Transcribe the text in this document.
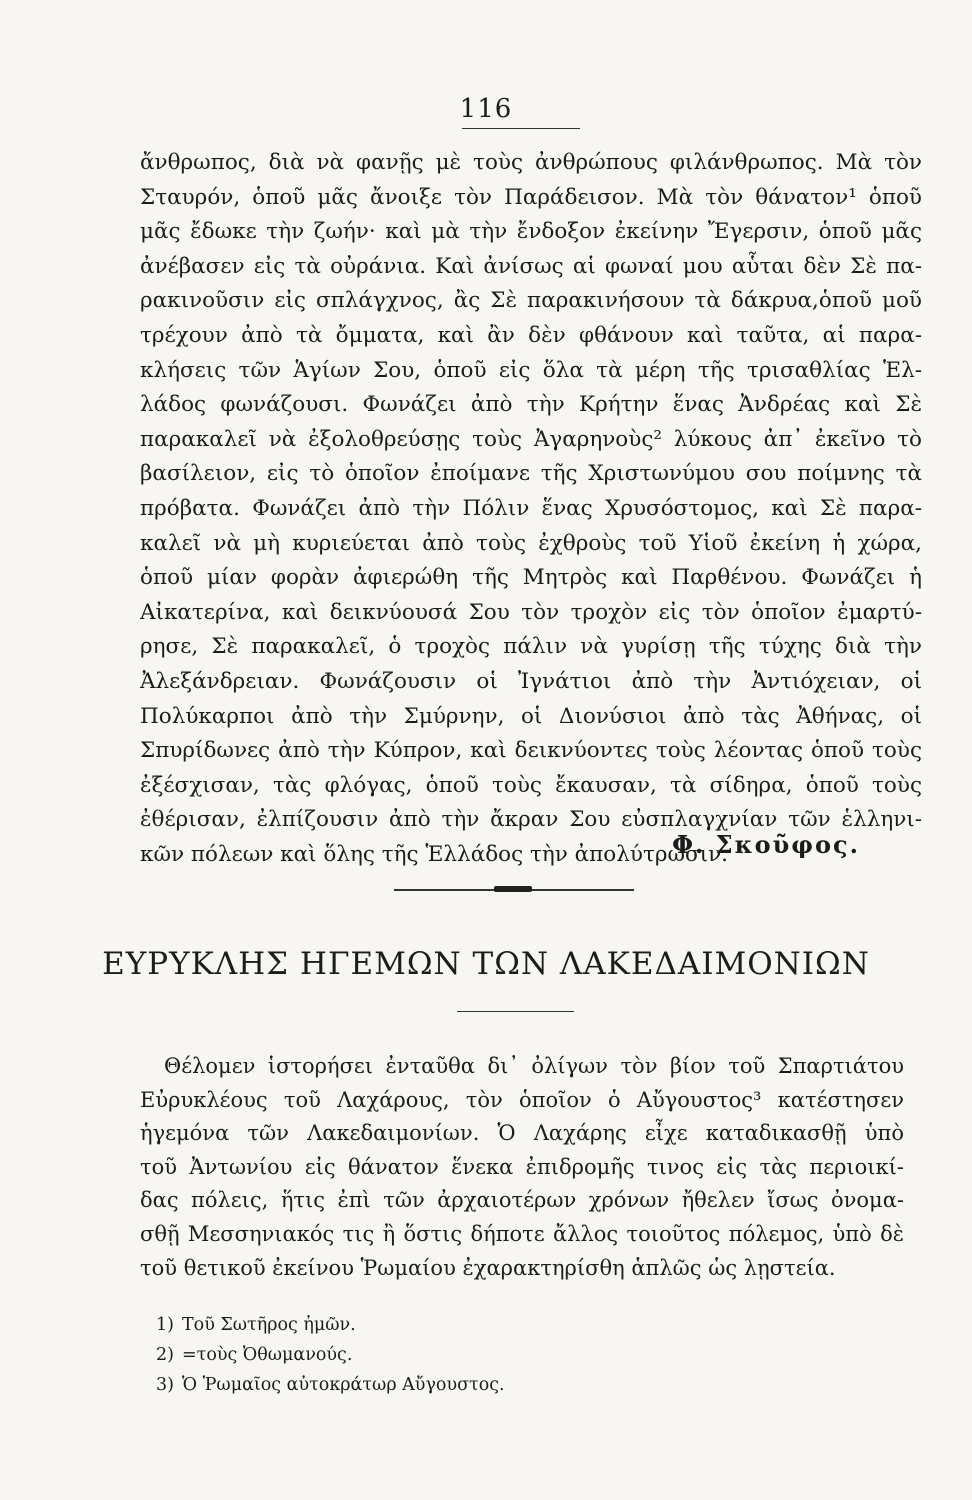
116
ἄνθρωπος, διὰ νὰ φανῇς μὲ τοὺς ἀνθρώπους φιλάνθρωπος. Μὰ τὸν
Σταυρόν, ὁποῦ μᾶς ἄνοιξε τὸν Παράδεισον. Μὰ τὸν θάνατον¹ ὁποῦ
μᾶς ἔδωκε τὴν ζωήν· καὶ μὰ τὴν ἔνδοξον ἐκείνην Ἔγερσιν, ὁποῦ μᾶς
ἀνέβασεν εἰς τὰ οὐράνια. Καὶ ἀνίσως αἱ φωναί μου αὗται δὲν Σὲ πα-
ρακινοῦσιν εἰς σπλάγχνος, ἂς Σὲ παρακινήσουν τὰ δάκρυα,ὁποῦ μοῦ
τρέχουν ἀπὸ τὰ ὄμματα, καὶ ἂν δὲν φθάνουν καὶ ταῦτα, αἱ παρα-
κλήσεις τῶν Ἁγίων Σου, ὁποῦ εἰς ὅλα τὰ μέρη τῆς τρισαθλίας Ἑλ-
λάδος φωνάζουσι. Φωνάζει ἀπὸ τὴν Κρήτην ἕνας Ἀνδρέας καὶ Σὲ
παρακαλεῖ νὰ ἐξολοθρεύσῃς τοὺς Ἀγαρηνοὺς² λύκους ἀπ᾽ ἐκεῖνο τὸ
βασίλειον, εἰς τὸ ὁποῖον ἐποίμανε τῆς Χριστωνύμου σου ποίμνης τὰ
πρόβατα. Φωνάζει ἀπὸ τὴν Πόλιν ἕνας Χρυσόστομος, καὶ Σὲ παρα-
καλεῖ νὰ μὴ κυριεύεται ἀπὸ τοὺς ἐχθροὺς τοῦ Υἱοῦ ἐκείνη ἡ χώρα,
ὁποῦ μίαν φορὰν ἀφιερώθη τῆς Μητρὸς καὶ Παρθένου. Φωνάζει ἡ
Αἰκατερίνα, καὶ δεικνύουσά Σου τὸν τροχὸν εἰς τὸν ὁποῖον ἐμαρτύ-
ρησε, Σὲ παρακαλεῖ, ὁ τροχὸς πάλιν νὰ γυρίσῃ τῆς τύχης διὰ τὴν
Ἀλεξάνδρειαν. Φωνάζουσιν οἱ Ἰγνάτιοι ἀπὸ τὴν Ἀντιόχειαν, οἱ
Πολύκαρποι ἀπὸ τὴν Σμύρνην, οἱ Διονύσιοι ἀπὸ τὰς Ἀθήνας, οἱ
Σπυρίδωνες ἀπὸ τὴν Κύπρον, καὶ δεικνύοντες τοὺς λέοντας ὁποῦ τοὺς
ἐξέσχισαν, τὰς φλόγας, ὁποῦ τοὺς ἔκαυσαν, τὰ σίδηρα, ὁποῦ τοὺς
ἐθέρισαν, ἐλπίζουσιν ἀπὸ τὴν ἄκραν Σου εὐσπλαγχνίαν τῶν ἑλληνι-
κῶν πόλεων καὶ ὅλης τῆς Ἑλλάδος τὴν ἀπολύτρωσιν.
Φ. Σκοῦφος.
ΕΥΡΥΚΛΗΣ ΗΓΕΜΩΝ ΤΩΝ ΛΑΚΕΔΑΙΜΟΝΙΩΝ
Θέλομεν ἱστορήσει ἐνταῦθα δι᾽ ὀλίγων τὸν βίον τοῦ Σπαρτιάτου
Εὐρυκλέους τοῦ Λαχάρους, τὸν ὁποῖον ὁ Αὔγουστος³ κατέστησεν
ἡγεμόνα τῶν Λακεδαιμονίων. Ὁ Λαχάρης εἶχε καταδικασθῇ ὑπὸ
τοῦ Ἀντωνίου εἰς θάνατον ἕνεκα ἐπιδρομῆς τινος εἰς τὰς περιοικί-
δας πόλεις, ἥτις ἐπὶ τῶν ἀρχαιοτέρων χρόνων ἤθελεν ἴσως ὀνομα-
σθῇ Μεσσηνιακός τις ἢ ὅστις δήποτε ἄλλος τοιοῦτος πόλεμος, ὑπὸ δὲ
τοῦ θετικοῦ ἐκείνου Ῥωμαίου ἐχαρακτηρίσθη ἁπλῶς ὡς λῃστεία.
1) Τοῦ Σωτῆρος ἡμῶν.
2) =τοὺς Ὀθωμανούς.
3) Ὁ Ῥωμαῖος αὐτοκράτωρ Αὔγουστος.
